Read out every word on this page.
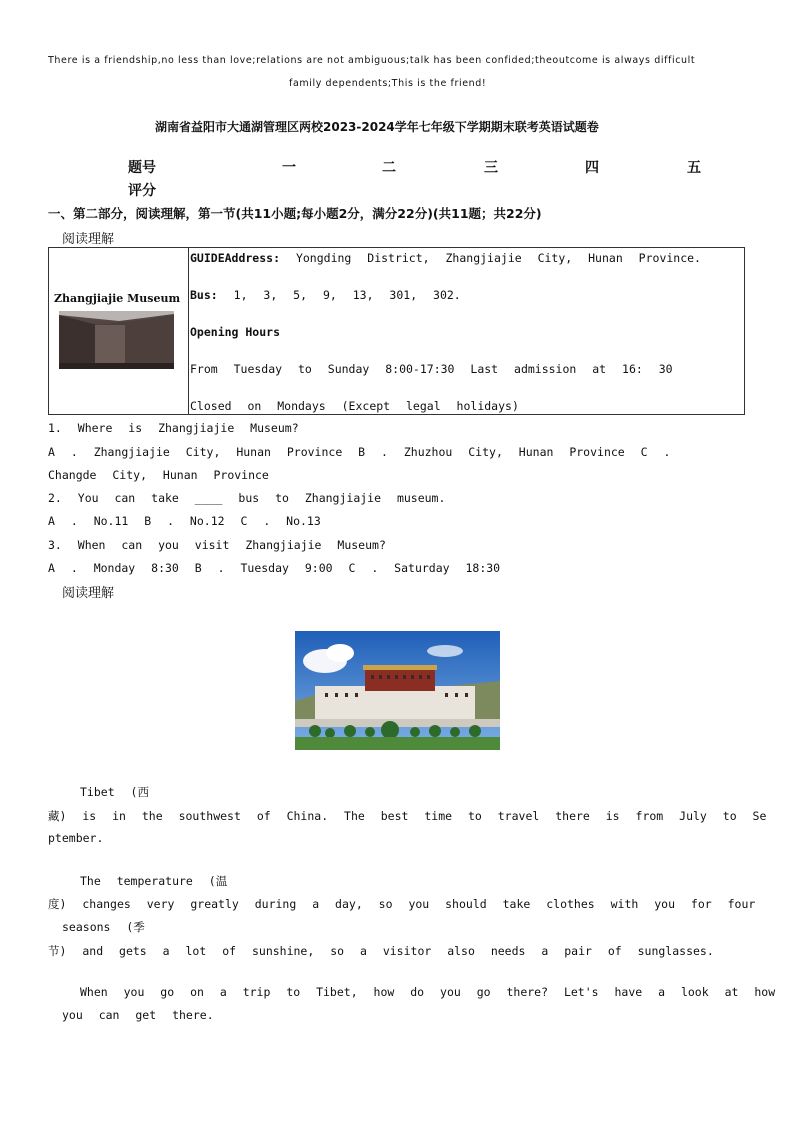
There is a friendship,no less than love;relations are not ambiguous;talk has been confided;theoutcome is always difficult
family dependents;This is the friend!
湖南省益阳市大通湖管理区两校2023-2024学年七年级下学期期末联考英语试题卷
题号	一	二	三	四	五
评分
一、第二部分，阅读理解，第一节(共11小题;每小题2分，满分22分)(共11题；共22分)
阅读理解
Zhangjiajie Museum
GUIDEAddress: Yongding District, Zhangjiajie City, Hunan Province.
Bus: 1, 3, 5, 9, 13, 301, 302.
Opening Hours
From Tuesday to Sunday 8:00-17:30 Last admission at 16: 30
Closed on Mondays (Except legal holidays)
1. Where is Zhangjiajie Museum?
A . Zhangjiajie City, Hunan Province B . Zhuzhou City, Hunan Province C .
Changde City, Hunan Province
2. You can take ____ bus to Zhangjiajie museum.
A . No.11 B . No.12 C . No.13
3. When can you visit Zhangjiajie Museum?
A . Monday 8:30 B . Tuesday 9:00 C . Saturday 18:30
阅读理解
Tibet (西
藏) is in the southwest of China. The best time to travel there is from July to Se
ptember.
The temperature (温
度) changes very greatly during a day, so you should take clothes with you for four
seasons (季
节) and gets a lot of sunshine, so a visitor also needs a pair of sunglasses.
When you go on a trip to Tibet, how do you go there? Let's have a look at how
you can get there.
